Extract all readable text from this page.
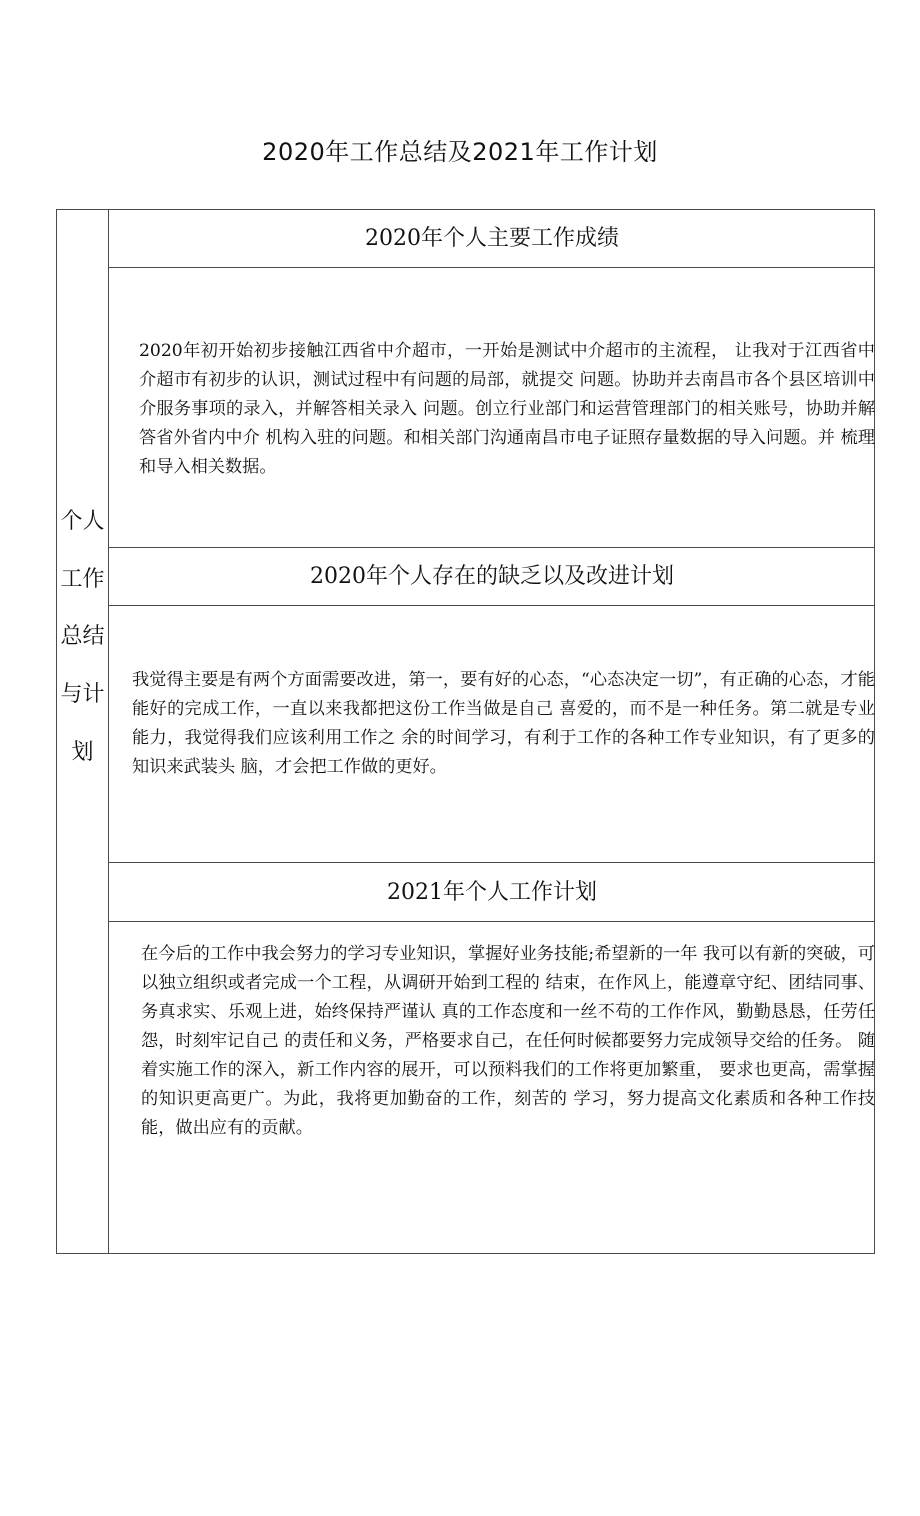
2020年工作总结及2021年工作计划
个人工作总结与计划
2020年个人主要工作成绩

2020年初开始初步接触江西省中介超市，一开始是测试中介超市的主流程， 让我对于江西省中介超市有初步的认识，测试过程中有问题的局部，就提交 问题。协助并去南昌市各个县区培训中介服务事项的录入，并解答相关录入 问题。创立行业部门和运营管理部门的相关账号，协助并解答省外省内中介 机构入驻的问题。和相关部门沟通南昌市电子证照存量数据的导入问题。并 梳理和导入相关数据。

2020年个人存在的缺乏以及改进计划

我觉得主要是有两个方面需要改进，第一，要有好的心态，“心态决定一切”，有正确的心态，才能能好的完成工作，一直以来我都把这份工作当做是自己 喜爱的，而不是一种任务。第二就是专业能力，我觉得我们应该利用工作之 余的时间学习，有利于工作的各种工作专业知识，有了更多的知识来武装头 脑，才会把工作做的更好。

2021年个人工作计划

在今后的工作中我会努力的学习专业知识，掌握好业务技能;希望新的一年 我可以有新的突破，可以独立组织或者完成一个工程，从调研开始到工程的 结束，在作风上，能遵章守纪、团结同事、务真求实、乐观上进，始终保持严谨认 真的工作态度和一丝不苟的工作作风，勤勤恳恳，任劳任怨，时刻牢记自己 的责任和义务，严格要求自己，在任何时候都要努力完成领导交给的任务。 随着实施工作的深入，新工作内容的展开，可以预料我们的工作将更加繁重， 要求也更高，需掌握的知识更高更广。为此，我将更加勤奋的工作，刻苦的 学习，努力提高文化素质和各种工作技能，做出应有的贡献。
